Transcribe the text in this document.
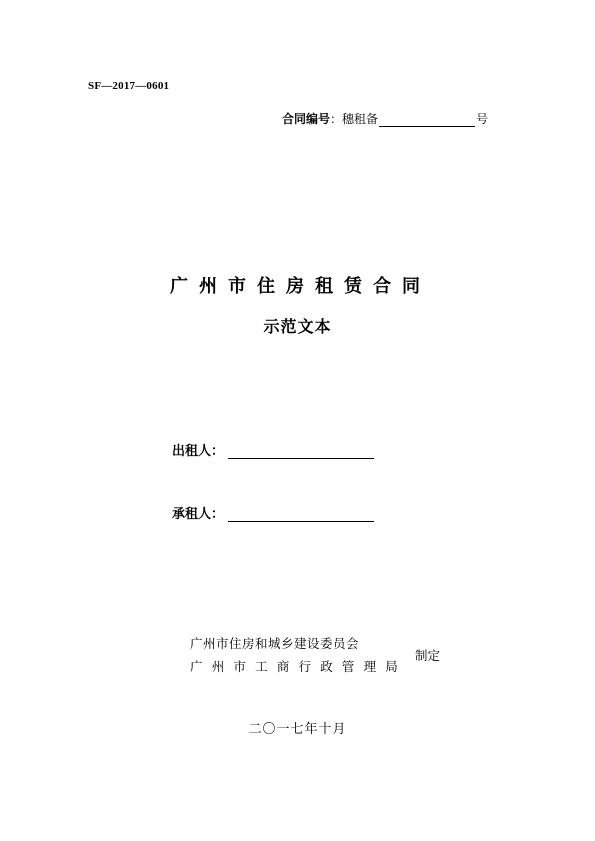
SF—2017—0601
合同编号 ： 穗租备	号
广州市住房租赁合同
示范文本
出租人：
承租人：
广州市住房和城乡建设委员会
广州市工商行政管理局
制定
二〇一七年十月
